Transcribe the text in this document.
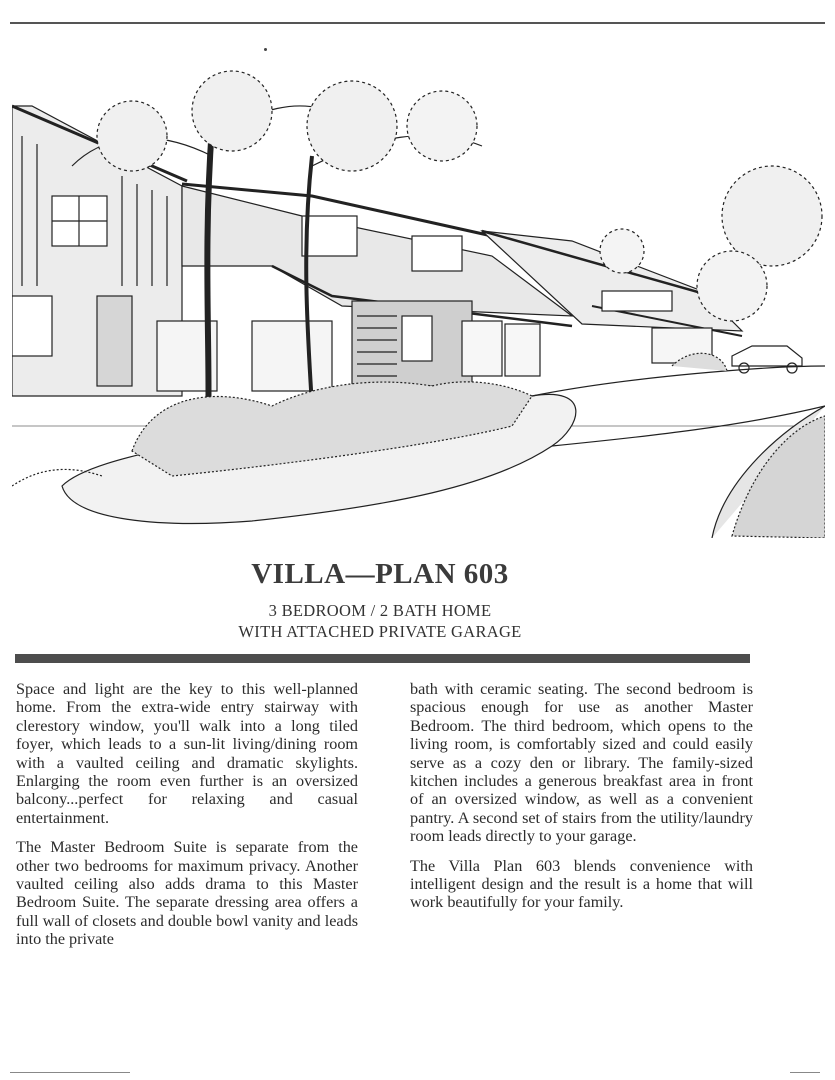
VILLA—PLAN 603
3 BEDROOM / 2 BATH HOME
WITH ATTACHED PRIVATE GARAGE

Space and light are the key to this well-planned home. From the extra-wide entry stairway with clerestory window, you'll walk into a long tiled foyer, which leads to a sun-lit living/dining room with a vaulted ceiling and dramatic skylights. Enlarging the room even further is an oversized balcony...perfect for relaxing and casual entertainment.

The Master Bedroom Suite is separate from the other two bedrooms for maximum privacy. Another vaulted ceiling also adds drama to this Master Bedroom Suite. The separate dressing area offers a full wall of closets and double bowl vanity and leads into the private

bath with ceramic seating. The second bedroom is spacious enough for use as another Master Bedroom. The third bedroom, which opens to the living room, is comfortably sized and could easily serve as a cozy den or library. The family-sized kitchen includes a generous breakfast area in front of an oversized window, as well as a convenient pantry. A second set of stairs from the utility/laundry room leads directly to your garage.

The Villa Plan 603 blends convenience with intelligent design and the result is a home that will work beautifully for your family.
